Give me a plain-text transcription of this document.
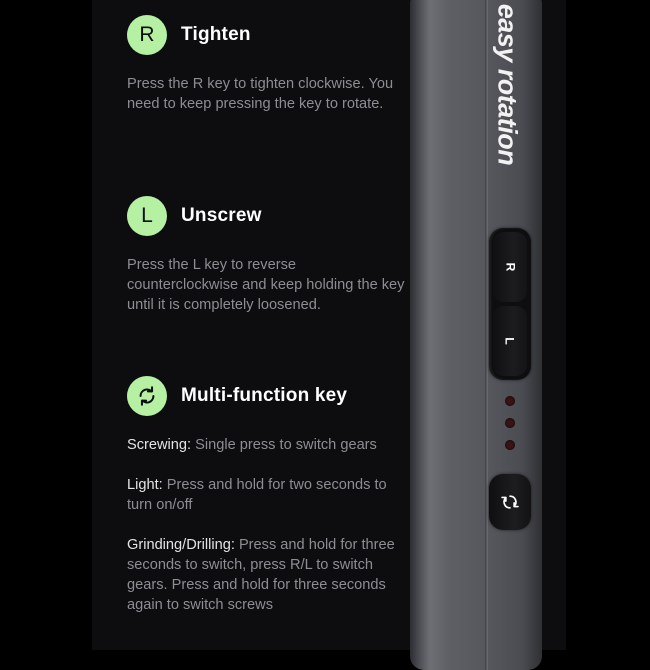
R	Tighten

Press the R key to tighten clockwise. You need to keep pressing the key to rotate.

L	Unscrew

Press the L key to reverse counterclockwise and keep holding the key until it is completely loosened.

Multi-function key

Screwing: Single press to switch gears

Light: Press and hold for two seconds to turn on/off

Grinding/Drilling: Press and hold for three seconds to switch, press R/L to switch gears. Press and hold for three seconds again to switch screws

easy rotation
R
L
